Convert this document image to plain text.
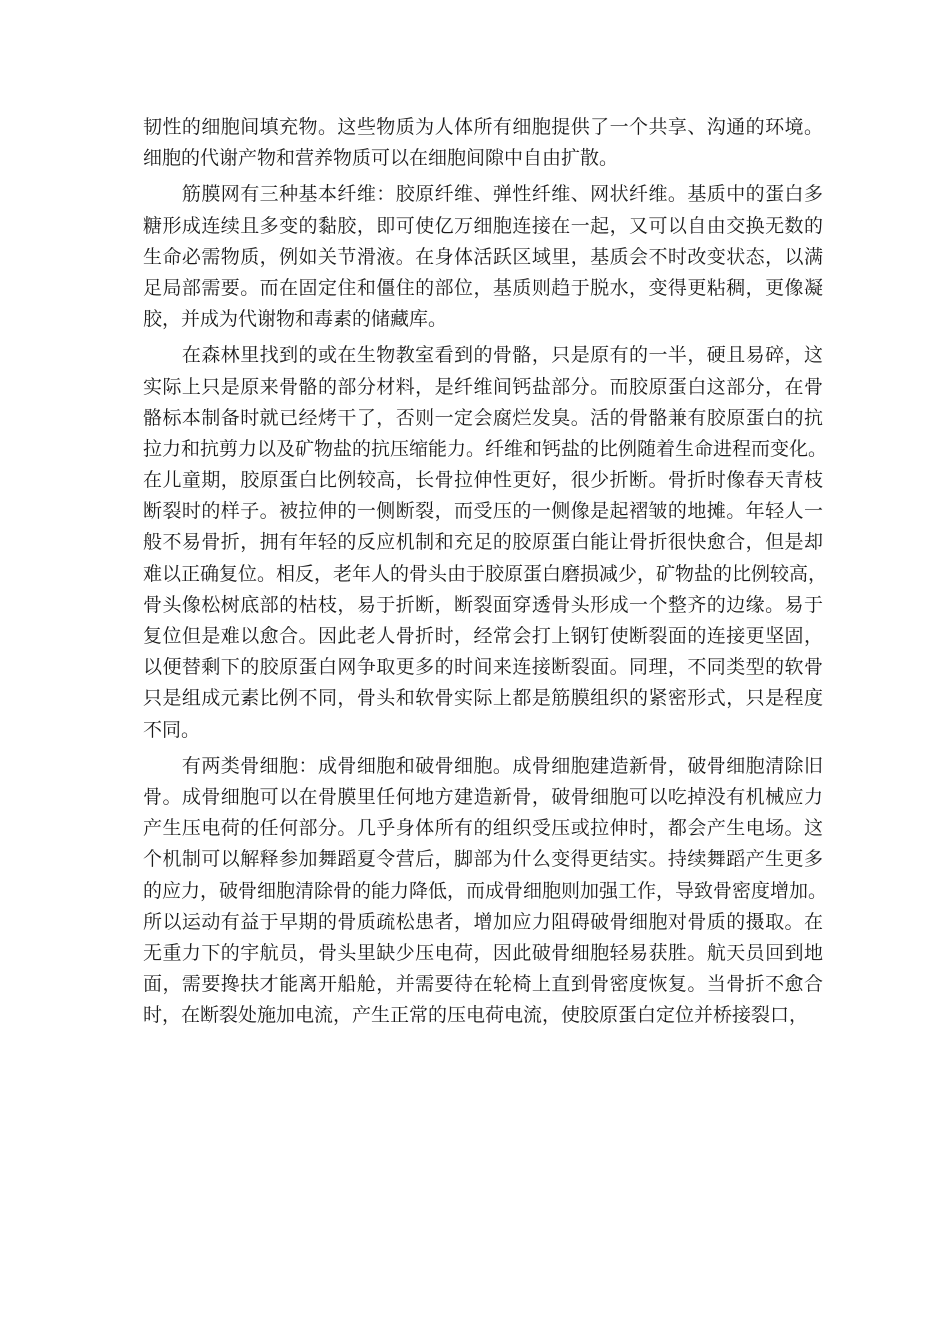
韧性的细胞间填充物。这些物质为人体所有细胞提供了一个共享、沟通的环境。
细胞的代谢产物和营养物质可以在细胞间隙中自由扩散。
　　筋膜网有三种基本纤维：胶原纤维、弹性纤维、网状纤维。基质中的蛋白多
糖形成连续且多变的黏胶，即可使亿万细胞连接在一起，又可以自由交换无数的
生命必需物质，例如关节滑液。在身体活跃区域里，基质会不时改变状态，以满
足局部需要。而在固定住和僵住的部位，基质则趋于脱水，变得更粘稠，更像凝
胶，并成为代谢物和毒素的储藏库。
　　在森林里找到的或在生物教室看到的骨骼，只是原有的一半，硬且易碎，这
实际上只是原来骨骼的部分材料，是纤维间钙盐部分。而胶原蛋白这部分，在骨
骼标本制备时就已经烤干了，否则一定会腐烂发臭。活的骨骼兼有胶原蛋白的抗
拉力和抗剪力以及矿物盐的抗压缩能力。纤维和钙盐的比例随着生命进程而变化。
在儿童期，胶原蛋白比例较高，长骨拉伸性更好，很少折断。骨折时像春天青枝
断裂时的样子。被拉伸的一侧断裂，而受压的一侧像是起褶皱的地摊。年轻人一
般不易骨折，拥有年轻的反应机制和充足的胶原蛋白能让骨折很快愈合，但是却
难以正确复位。相反，老年人的骨头由于胶原蛋白磨损减少，矿物盐的比例较高，
骨头像松树底部的枯枝，易于折断，断裂面穿透骨头形成一个整齐的边缘。易于
复位但是难以愈合。因此老人骨折时，经常会打上钢钉使断裂面的连接更坚固，
以便替剩下的胶原蛋白网争取更多的时间来连接断裂面。同理，不同类型的软骨
只是组成元素比例不同，骨头和软骨实际上都是筋膜组织的紧密形式，只是程度
不同。
　　有两类骨细胞：成骨细胞和破骨细胞。成骨细胞建造新骨，破骨细胞清除旧
骨。成骨细胞可以在骨膜里任何地方建造新骨，破骨细胞可以吃掉没有机械应力
产生压电荷的任何部分。几乎身体所有的组织受压或拉伸时，都会产生电场。这
个机制可以解释参加舞蹈夏令营后，脚部为什么变得更结实。持续舞蹈产生更多
的应力，破骨细胞清除骨的能力降低，而成骨细胞则加强工作，导致骨密度增加。
所以运动有益于早期的骨质疏松患者，增加应力阻碍破骨细胞对骨质的摄取。在
无重力下的宇航员，骨头里缺少压电荷，因此破骨细胞轻易获胜。航天员回到地
面，需要搀扶才能离开船舱，并需要待在轮椅上直到骨密度恢复。当骨折不愈合
时，在断裂处施加电流，产生正常的压电荷电流，使胶原蛋白定位并桥接裂口，
